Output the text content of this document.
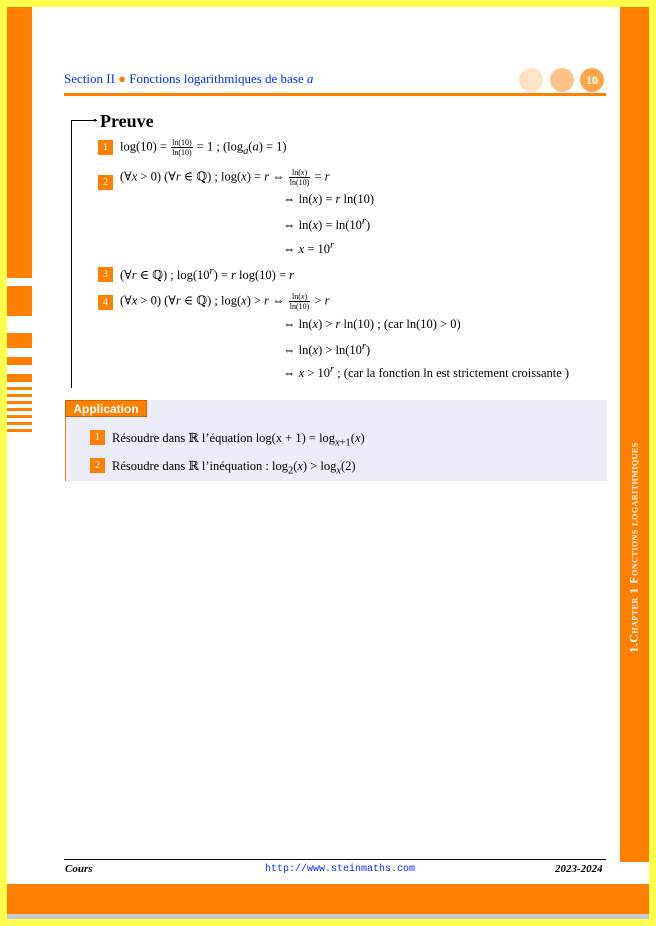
1.Chapter 1 Fonctions logarithmiques
Section II ● Fonctions logarithmiques de base a	10
• Preuve
1 $\log(10) = \frac{\ln(10)}{\ln(10)} = 1$ ; $(\log_a(a) = 1)$
2 (∀x > 0) (∀r ∈ ℚ) ; log(x) = r ⇔ $\frac{\ln(x)}{\ln(10)} = r$
⇔ ln(x) = r ln(10)
⇔ $\ln(x) = \ln(10^r)$
⇔ $x = 10^r$
3 (∀r ∈ ℚ) ; $\log(10^r) = r$ log(10) = r
4 (∀x > 0) (∀r ∈ ℚ) ; log(x) > r ⇔ $\frac{\ln(x)}{\ln(10)} > r$
⇔ ln(x) > r ln(10) ; (car ln(10) > 0)
⇔ $\ln(x) > \ln(10^r)$
⇔ $x > 10^r$ ; (car la fonction ln est strictement croissante )
Application
1 Résoudre dans ℝ l’équation $\log(x + 1) = \log_{x+1}(x)$
2 Résoudre dans ℝ l’inéquation : $\log_2(x) > \log_x(2)$
Cours	http://www.steinmaths.com	2023-2024
